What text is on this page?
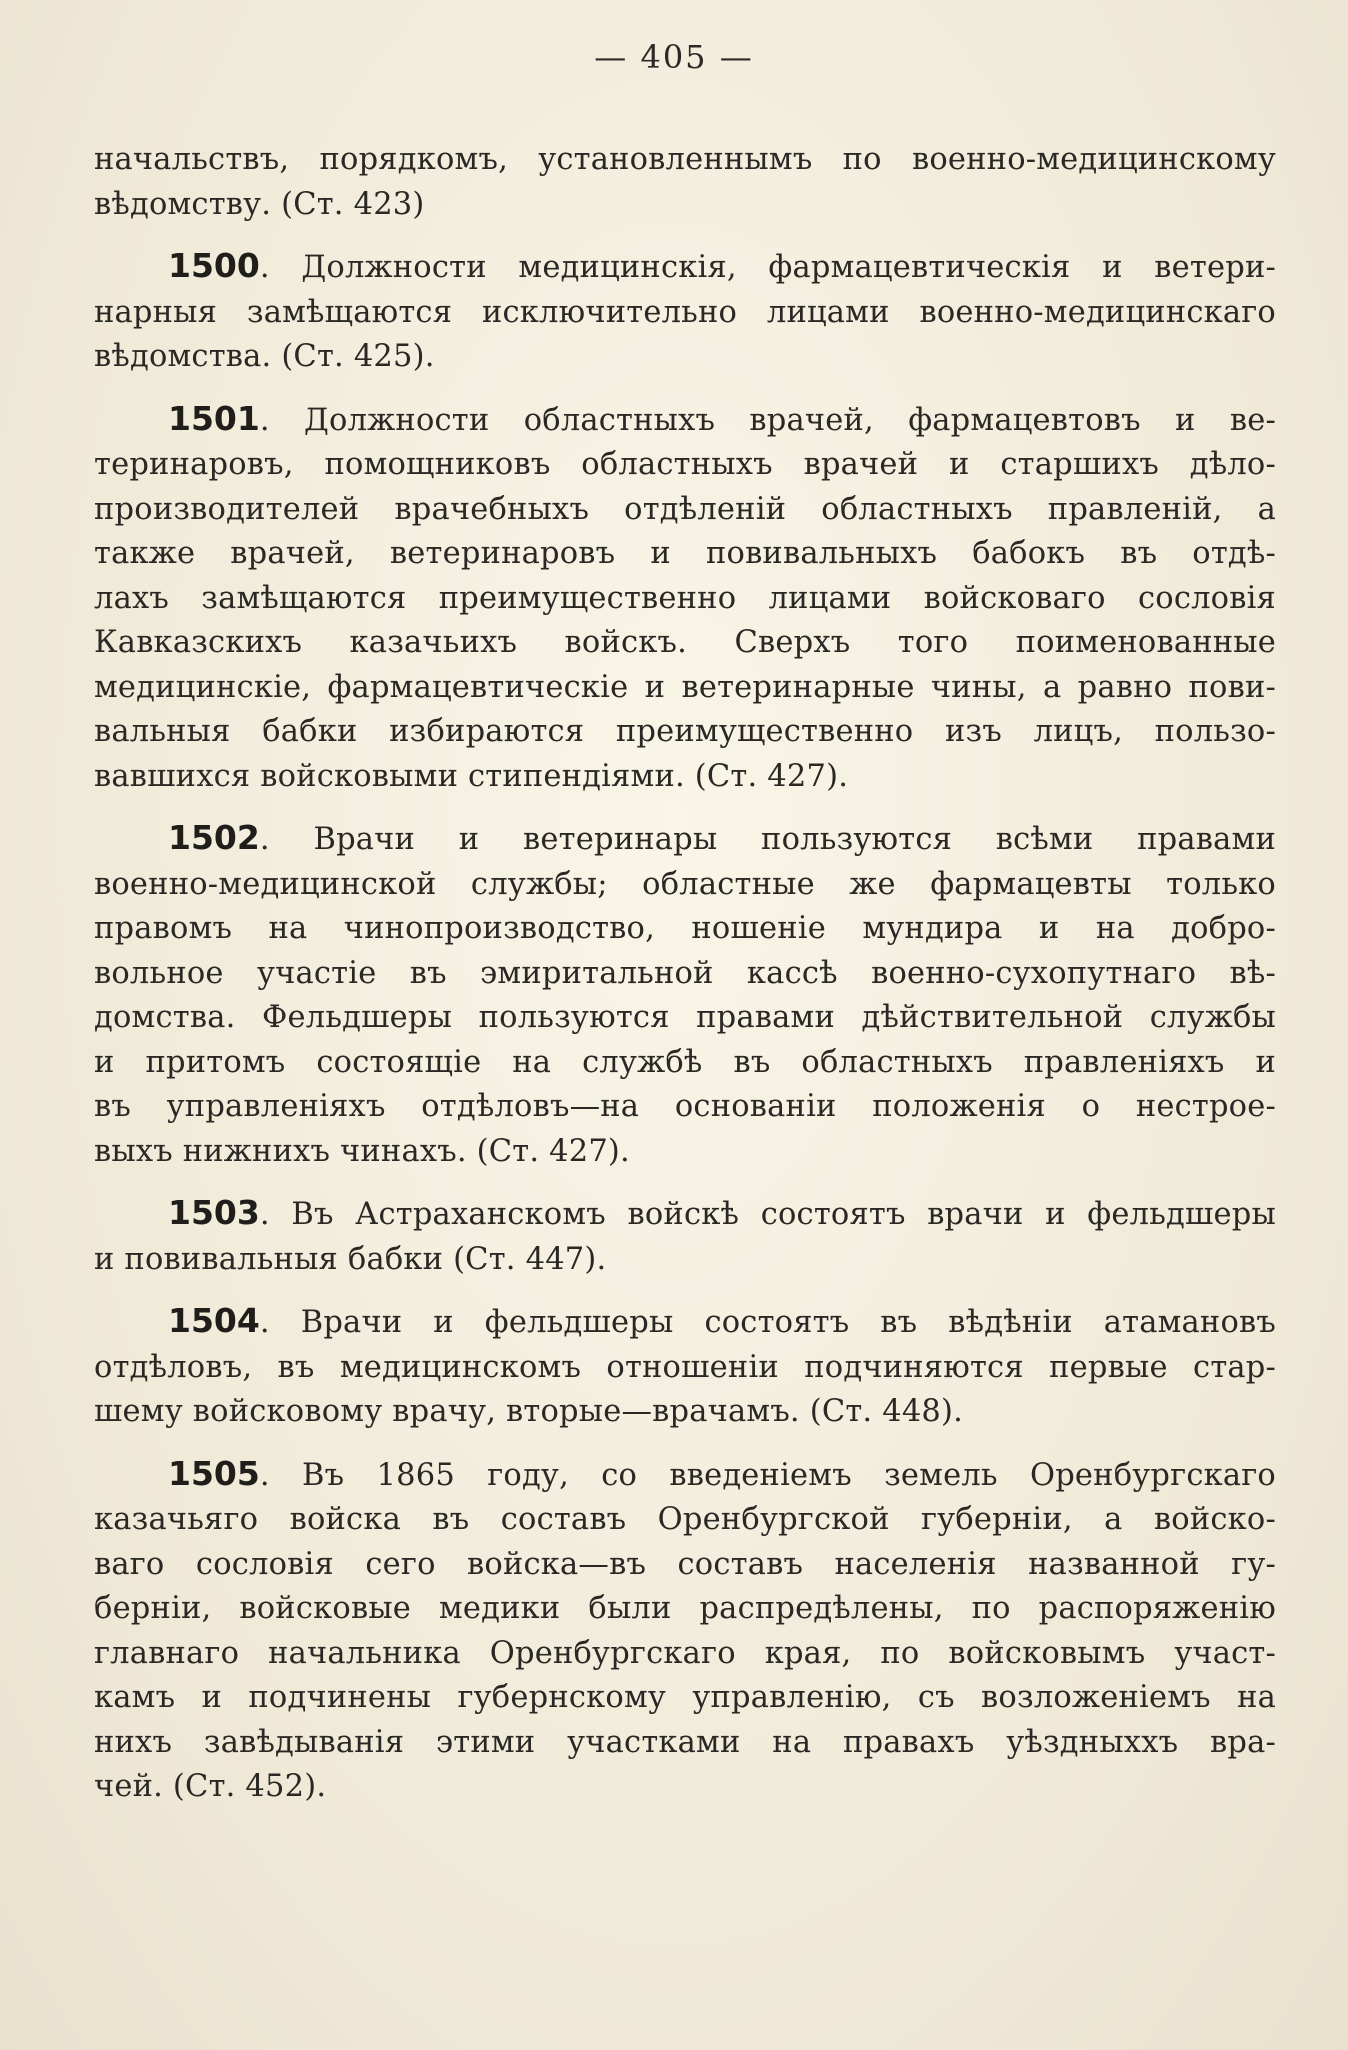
— 405 —
начальствъ, порядкомъ, установленнымъ по военно-медицинскому
вѣдомству. (Ст. 423)
1500. Должности медицинскія, фармацевтическія и ветери-
нарныя замѣщаются исключительно лицами военно-медицинскаго
вѣдомства. (Ст. 425).
1501. Должности областныхъ врачей, фармацевтовъ и ве-
теринаровъ, помощниковъ областныхъ врачей и старшихъ дѣло-
производителей врачебныхъ отдѣленій областныхъ правленій, а
также врачей, ветеринаровъ и повивальныхъ бабокъ въ отдѣ-
лахъ замѣщаются преимущественно лицами войсковаго сословія
Кавказскихъ казачьихъ войскъ. Сверхъ того поименованные
медицинскіе, фармацевтическіе и ветеринарные чины, а равно пови-
вальныя бабки избираются преимущественно изъ лицъ, пользо-
вавшихся войсковыми стипендіями. (Ст. 427).
1502. Врачи и ветеринары пользуются всѣми правами
военно-медицинской службы; областные же фармацевты только
правомъ на чинопроизводство, ношеніе мундира и на добро-
вольное участіе въ эмиритальной кассѣ военно-сухопутнаго вѣ-
домства. Фельдшеры пользуются правами дѣйствительной службы
и притомъ состоящіе на службѣ въ областныхъ правленіяхъ и
въ управленіяхъ отдѣловъ—на основаніи положенія о нестрое-
выхъ нижнихъ чинахъ. (Ст. 427).
1503. Въ Астраханскомъ войскѣ состоятъ врачи и фельдшеры
и повивальныя бабки (Ст. 447).
1504. Врачи и фельдшеры состоятъ въ вѣдѣніи атамановъ
отдѣловъ, въ медицинскомъ отношеніи подчиняются первые стар-
шему войсковому врачу, вторые—врачамъ. (Ст. 448).
1505. Въ 1865 году, со введеніемъ земель Оренбургскаго
казачьяго войска въ составъ Оренбургской губерніи, а войско-
ваго сословія сего войска—въ составъ населенія названной гу-
берніи, войсковые медики были распредѣлены, по распоряженію
главнаго начальника Оренбургскаго края, по войсковымъ участ-
камъ и подчинены губернскому управленію, съ возложеніемъ на
нихъ завѣдыванія этими участками на правахъ уѣздныххъ вра-
чей. (Ст. 452).
